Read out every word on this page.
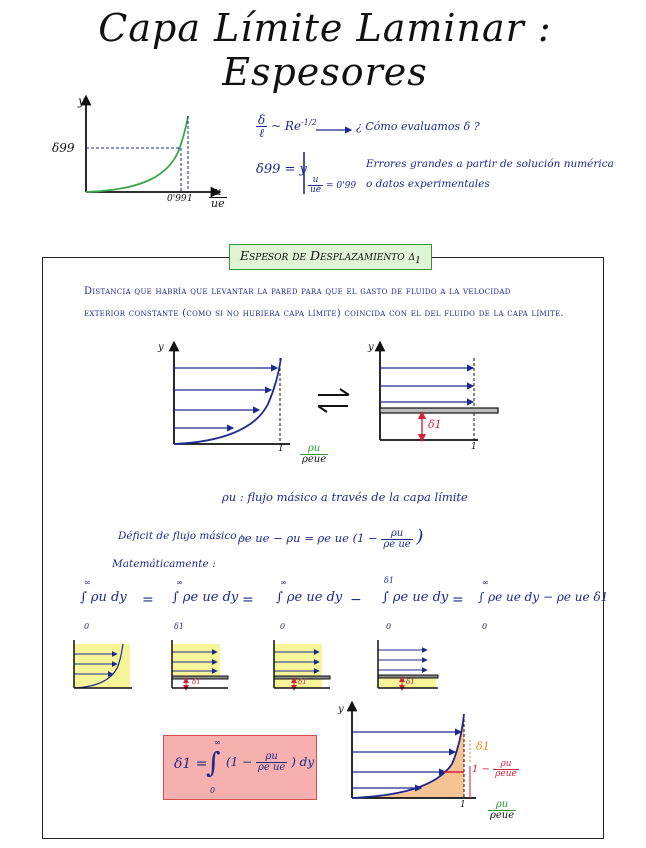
Capa Límite Laminar : Espesores
y
δ99
0'99 $1 \frac{u}{ue}$
$\frac{\delta}{\text{ℓ}}$ ~ $Re^{-1/2}$	¿ Cómo evaluamos δ ?
δ99 = y
$\frac{u}{ue} = 0'99$
Errores grandes a partir de solución numérica
o datos experimentales
Espesor de Desplazamiento $\delta_1$
Distancia que habría que levantar la pared para que el gasto de fluido a la velocidad
exterior constante (como si no hubiera capa límite) coincida con el del fluido de la capa límite.
y
$1 \frac{\rho u}{\text{ρeue}}$
y
δ1
1
ρu : flujo másico a través de la capa límite
Déficit de flujo másico :
ρe ue − ρu = ρe ue ($1 - \frac{\rho u}{\text{ρe ue}}$ )
Matemáticamente :
∫ ρu dy
∞
0
= ∫ ρe ue dy
∞
δ1
= ∫ ρe ue dy
∞
0
− ∫ ρe ue dy
δ1
0
= ∫ ρe ue dy − ρe ue δ1
∞
0
δ1	δ1	δ1
δ1 =
∫
∞
0
($1 - \frac{\rho u}{\text{ρe ue}}$ ) dy
y
δ1
$1 - \frac{\rho u}{\text{ρeue}}$
$1 \frac{\rho u}{\text{ρeue}}$
